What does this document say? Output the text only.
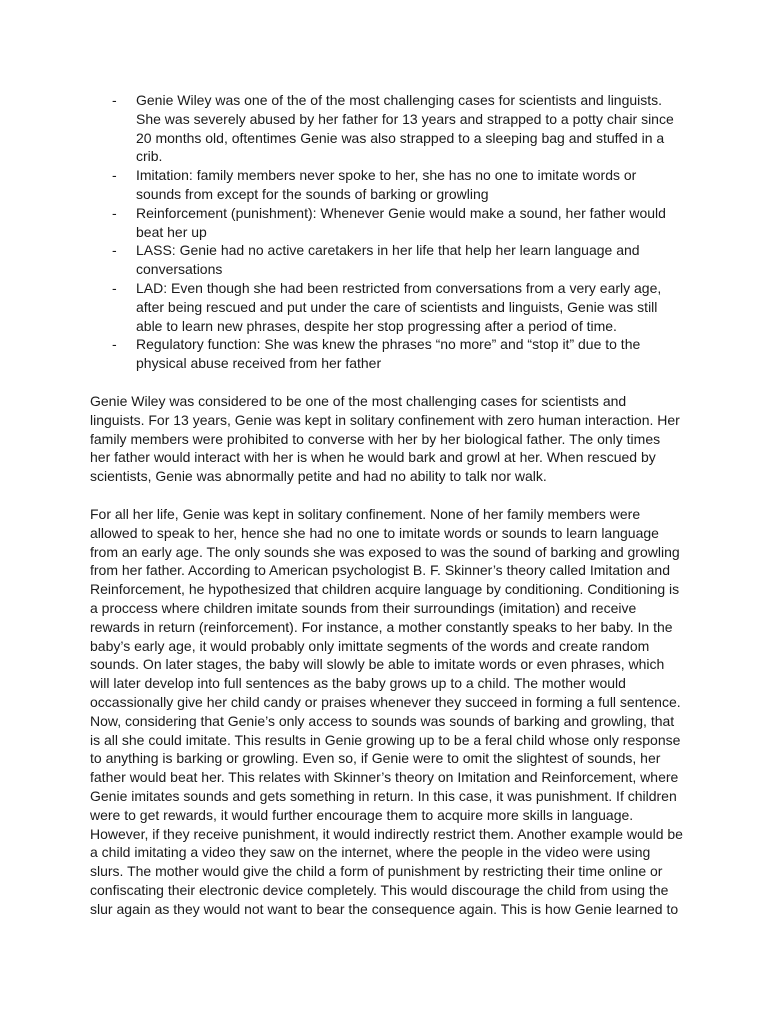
- Genie Wiley was one of the of the most challenging cases for scientists and linguists. She was severely abused by her father for 13 years and strapped to a potty chair since 20 months old, oftentimes Genie was also strapped to a sleeping bag and stuffed in a crib.
- Imitation: family members never spoke to her, she has no one to imitate words or sounds from except for the sounds of barking or growling
- Reinforcement (punishment): Whenever Genie would make a sound, her father would beat her up
- LASS: Genie had no active caretakers in her life that help her learn language and conversations
- LAD: Even though she had been restricted from conversations from a very early age, after being rescued and put under the care of scientists and linguists, Genie was still able to learn new phrases, despite her stop progressing after a period of time.
- Regulatory function: She was knew the phrases “no more” and “stop it” due to the physical abuse received from her father

Genie Wiley was considered to be one of the most challenging cases for scientists and linguists. For 13 years, Genie was kept in solitary confinement with zero human interaction. Her family members were prohibited to converse with her by her biological father. The only times her father would interact with her is when he would bark and growl at her. When rescued by scientists, Genie was abnormally petite and had no ability to talk nor walk.

For all her life, Genie was kept in solitary confinement. None of her family members were allowed to speak to her, hence she had no one to imitate words or sounds to learn language from an early age. The only sounds she was exposed to was the sound of barking and growling from her father. According to American psychologist B. F. Skinner’s theory called Imitation and Reinforcement, he hypothesized that children acquire language by conditioning. Conditioning is a proccess where children imitate sounds from their surroundings (imitation) and receive rewards in return (reinforcement). For instance, a mother constantly speaks to her baby. In the baby’s early age, it would probably only imittate segments of the words and create random sounds. On later stages, the baby will slowly be able to imitate words or even phrases, which will later develop into full sentences as the baby grows up to a child. The mother would occassionally give her child candy or praises whenever they succeed in forming a full sentence. Now, considering that Genie’s only access to sounds was sounds of barking and growling, that is all she could imitate. This results in Genie growing up to be a feral child whose only response to anything is barking or growling. Even so, if Genie were to omit the slightest of sounds, her father would beat her. This relates with Skinner’s theory on Imitation and Reinforcement, where Genie imitates sounds and gets something in return. In this case, it was punishment. If children were to get rewards, it would further encourage them to acquire more skills in language. However, if they receive punishment, it would indirectly restrict them. Another example would be a child imitating a video they saw on the internet, where the people in the video were using slurs. The mother would give the child a form of punishment by restricting their time online or confiscating their electronic device completely. This would discourage the child from using the slur again as they would not want to bear the consequence again. This is how Genie learned to
